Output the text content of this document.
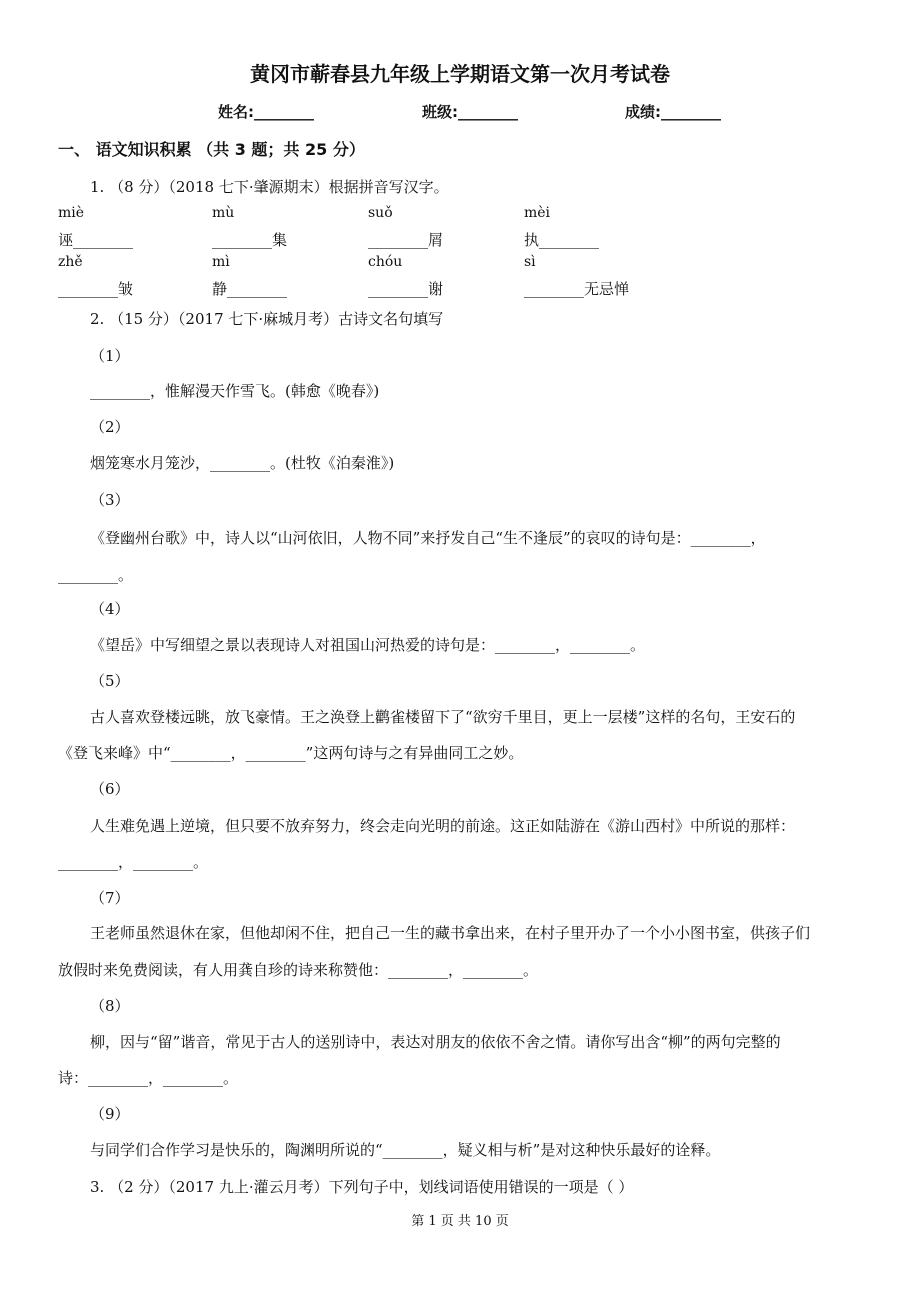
黄冈市蕲春县九年级上学期语文第一次月考试卷
姓名:________	班级:________	成绩:________
一、 语文知识积累 （共 3 题；共 25 分）
1. （8 分）（2018 七下·肇源期末）根据拼音写汉字。
miè	mù	suǒ	mèi
诬________	________集	________屑	执________
zhě	mì	chóu	sì
________皱	静________	________谢	________无忌惮
2. （15 分）（2017 七下·麻城月考）古诗文名句填写
（1）
________，惟解漫天作雪飞。(韩愈《晚春》)
（2）
烟笼寒水月笼沙，________。(杜牧《泊秦淮》)
（3）
《登幽州台歌》中，诗人以“山河依旧，人物不同”来抒发自己“生不逢辰”的哀叹的诗句是：________，
________。
（4）
《望岳》中写细望之景以表现诗人对祖国山河热爱的诗句是：________，________。
（5）
古人喜欢登楼远眺，放飞豪情。王之涣登上鹳雀楼留下了“欲穷千里目，更上一层楼”这样的名句，王安石的
《登飞来峰》中“________，________”这两句诗与之有异曲同工之妙。
（6）
人生难免遇上逆境，但只要不放弃努力，终会走向光明的前途。这正如陆游在《游山西村》中所说的那样：
________，________。
（7）
王老师虽然退休在家，但他却闲不住，把自己一生的藏书拿出来，在村子里开办了一个小小图书室，供孩子们
放假时来免费阅读，有人用龚自珍的诗来称赞他：________，________。
（8）
柳，因与“留”谐音，常见于古人的送别诗中，表达对朋友的依依不舍之情。请你写出含“柳”的两句完整的
诗：________，________。
（9）
与同学们合作学习是快乐的，陶渊明所说的“________，疑义相与析”是对这种快乐最好的诠释。
3. （2 分）（2017 九上·灌云月考）下列句子中，划线词语使用错误的一项是（ ）
第 1 页 共 10 页
